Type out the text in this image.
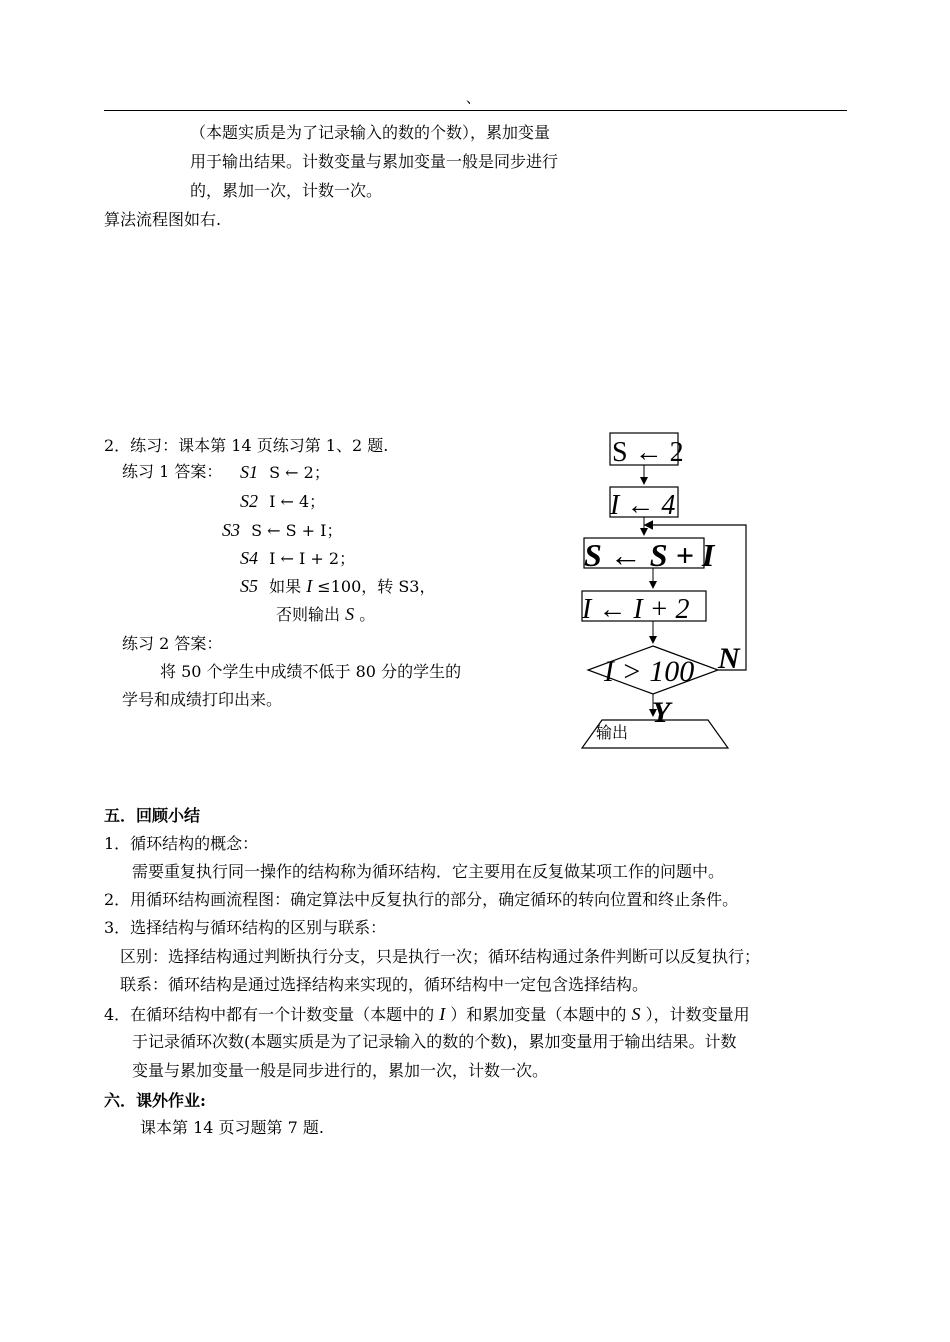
、
（本题实质是为了记录输入的数的个数），累加变量
用于输出结果。计数变量与累加变量一般是同步进行
的，累加一次，计数一次。
算法流程图如右.
2．练习：课本第 14 页练习第 1、2 题.
练习 1 答案： S1 S ← 2；
S2 I ← 4；
S3 S ← S + I；
S4 I ← I + 2；
S5 如果 I ≤100，转 S3，
否则输出 S 。
练习 2 答案：
将 50 个学生中成绩不低于 80 分的学生的
学号和成绩打印出来。
S ← 2
I ← 4
S ← S + I
I ← I + 2
I > 100 N
Y
输出
五．回顾小结
1．循环结构的概念：
需要重复执行同一操作的结构称为循环结构．它主要用在反复做某项工作的问题中。
2．用循环结构画流程图：确定算法中反复执行的部分，确定循环的转向位置和终止条件。
3．选择结构与循环结构的区别与联系：
区别：选择结构通过判断执行分支，只是执行一次；循环结构通过条件判断可以反复执行；
联系：循环结构是通过选择结构来实现的，循环结构中一定包含选择结构。
4．在循环结构中都有一个计数变量（本题中的 I ）和累加变量（本题中的 S ），计数变量用
于记录循环次数(本题实质是为了记录输入的数的个数)，累加变量用于输出结果。计数
变量与累加变量一般是同步进行的，累加一次，计数一次。
六．课外作业:
课本第 14 页习题第 7 题.
